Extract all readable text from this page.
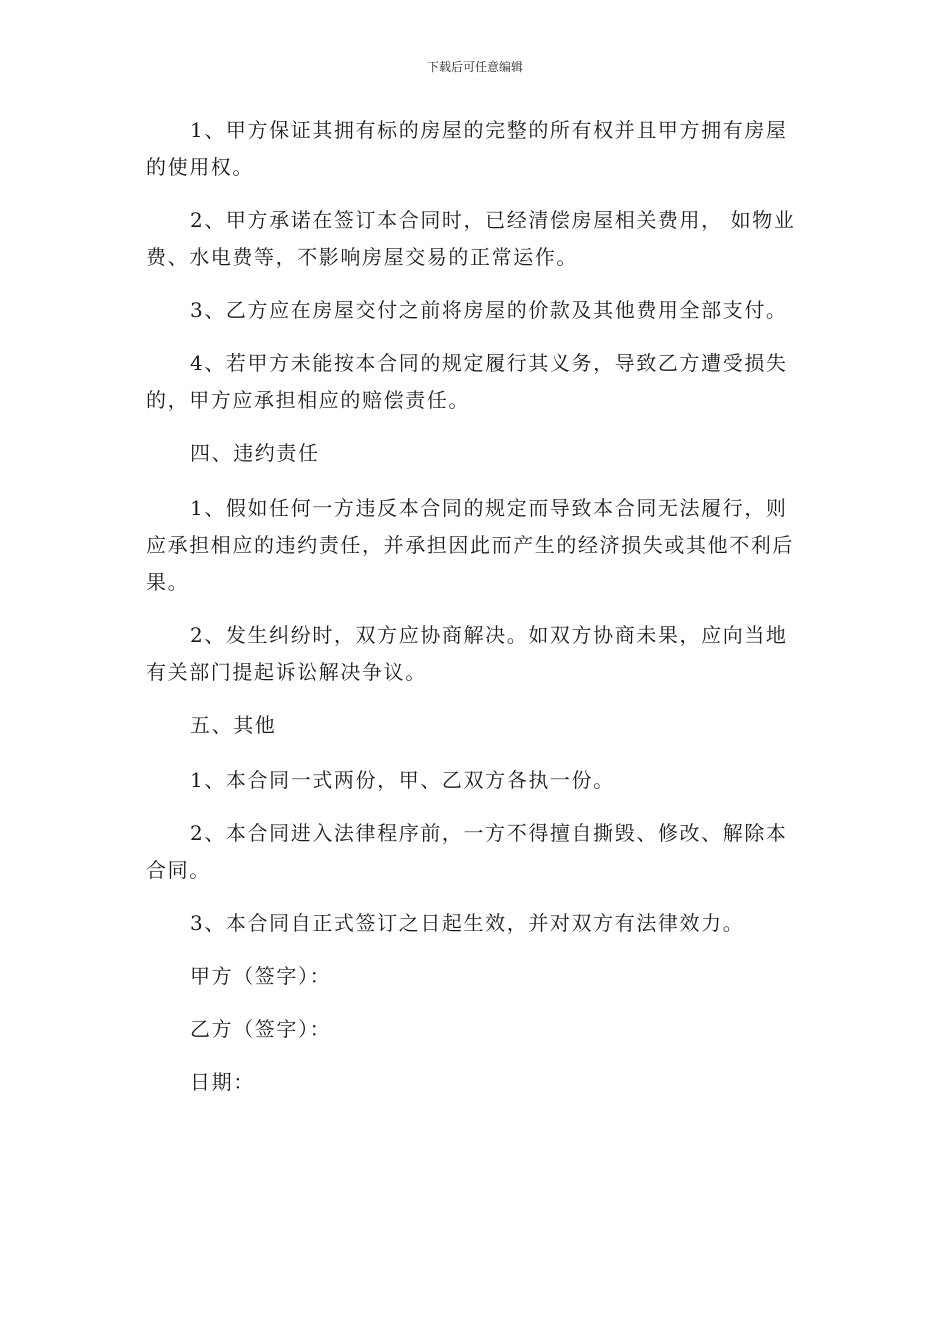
下载后可任意编辑

1、甲方保证其拥有标的房屋的完整的所有权并且甲方拥有房屋的使用权。

2、甲方承诺在签订本合同时，已经清偿房屋相关费用， 如物业费、水电费等，不影响房屋交易的正常运作。

3、乙方应在房屋交付之前将房屋的价款及其他费用全部支付。

4、若甲方未能按本合同的规定履行其义务，导致乙方遭受损失的，甲方应承担相应的赔偿责任。

四、违约责任

1、假如任何一方违反本合同的规定而导致本合同无法履行，则应承担相应的违约责任，并承担因此而产生的经济损失或其他不利后果。

2、发生纠纷时，双方应协商解决。如双方协商未果，应向当地有关部门提起诉讼解决争议。

五、其他

1、本合同一式两份，甲、乙双方各执一份。

2、本合同进入法律程序前，一方不得擅自撕毁、修改、解除本合同。

3、本合同自正式签订之日起生效，并对双方有法律效力。

甲方（签字）：

乙方（签字）：

日期：
